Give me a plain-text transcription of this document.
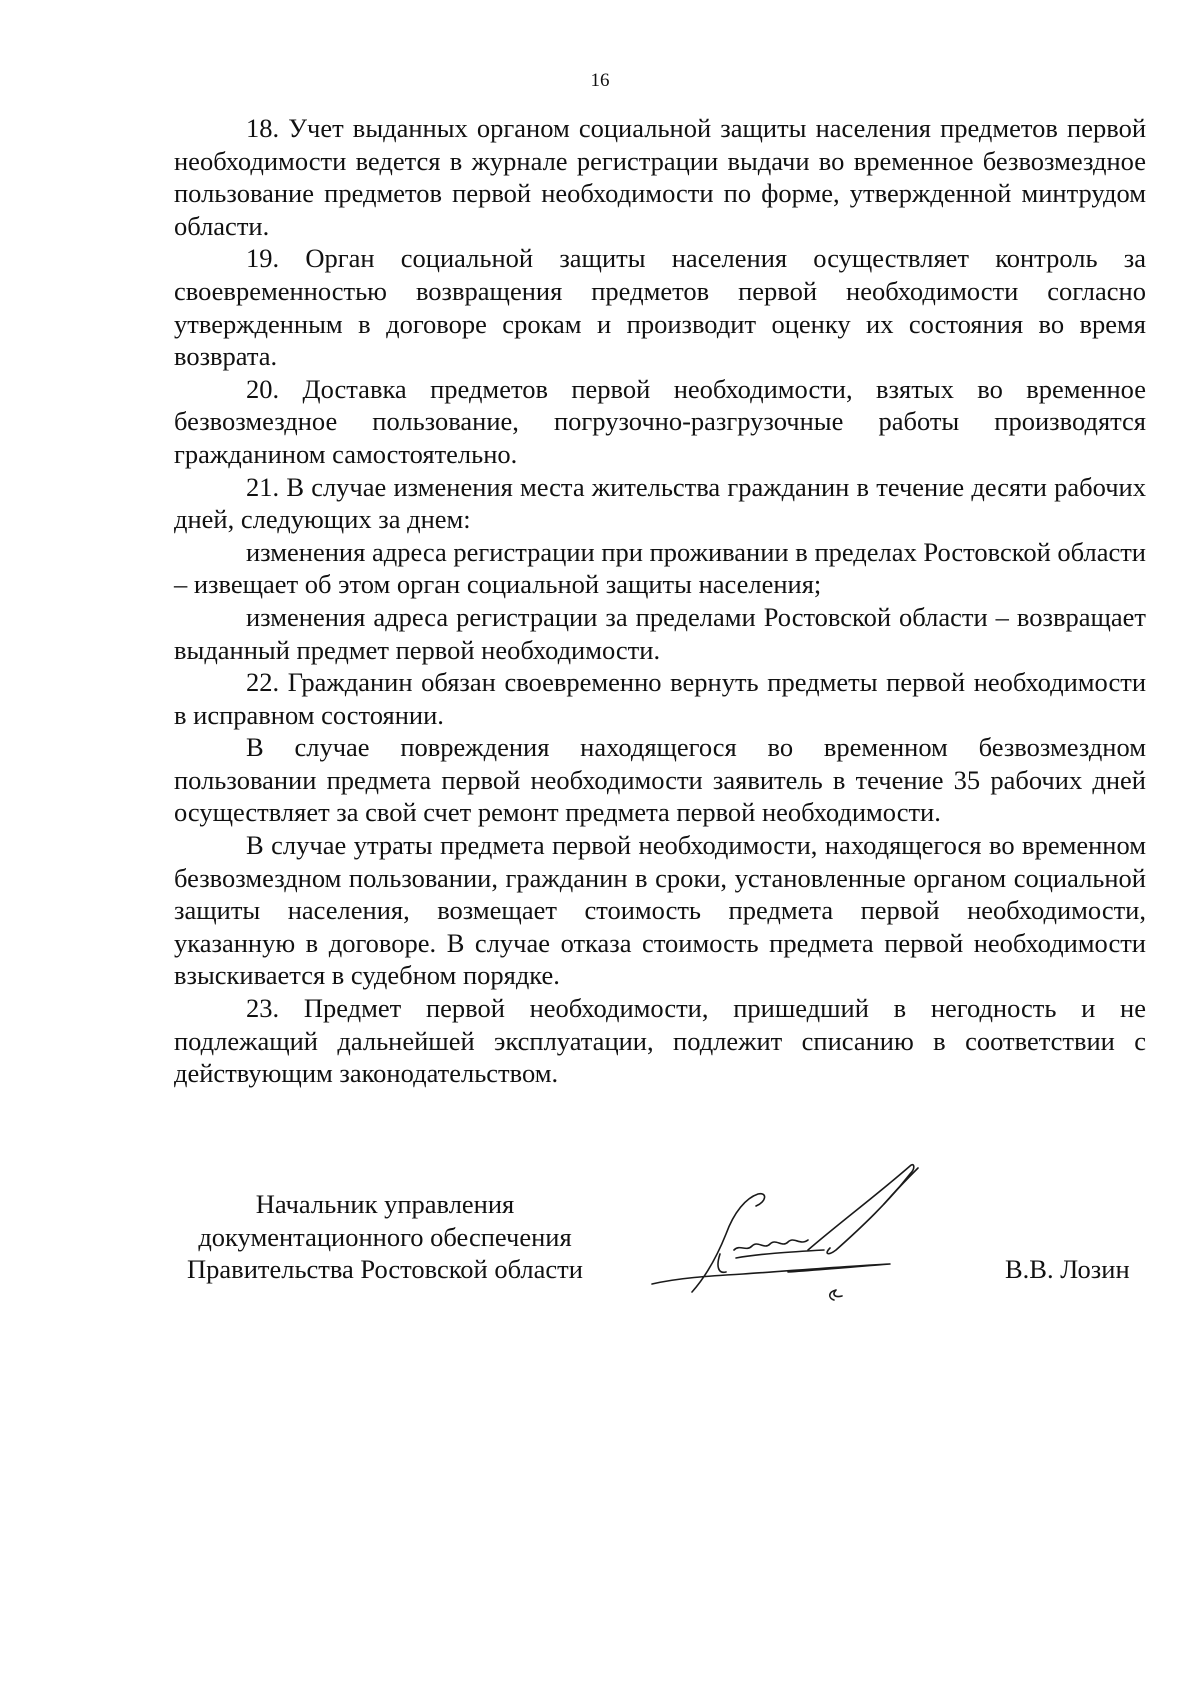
16

18. Учет выданных органом социальной защиты населения предметов первой необходимости ведется в журнале регистрации выдачи во временное безвозмездное пользование предметов первой необходимости по форме, утвержденной минтрудом области.

19. Орган социальной защиты населения осуществляет контроль за своевременностью возвращения предметов первой необходимости согласно утвержденным в договоре срокам и производит оценку их состояния во время возврата.

20. Доставка предметов первой необходимости, взятых во временное безвозмездное пользование, погрузочно-разгрузочные работы производятся гражданином самостоятельно.

21. В случае изменения места жительства гражданин в течение десяти рабочих дней, следующих за днем:

изменения адреса регистрации при проживании в пределах Ростовской области – извещает об этом орган социальной защиты населения;

изменения адреса регистрации за пределами Ростовской области – возвращает выданный предмет первой необходимости.

22. Гражданин обязан своевременно вернуть предметы первой необходимости в исправном состоянии.

В случае повреждения находящегося во временном безвозмездном пользовании предмета первой необходимости заявитель в течение 35 рабочих дней осуществляет за свой счет ремонт предмета первой необходимости.

В случае утраты предмета первой необходимости, находящегося во временном безвозмездном пользовании, гражданин в сроки, установленные органом социальной защиты населения, возмещает стоимость предмета первой необходимости, указанную в договоре. В случае отказа стоимость предмета первой необходимости взыскивается в судебном порядке.

23. Предмет первой необходимости, пришедший в негодность и не подлежащий дальнейшей эксплуатации, подлежит списанию в соответствии с действующим законодательством.

Начальник управления
документационного обеспечения
Правительства Ростовской области	В.В. Лозин
